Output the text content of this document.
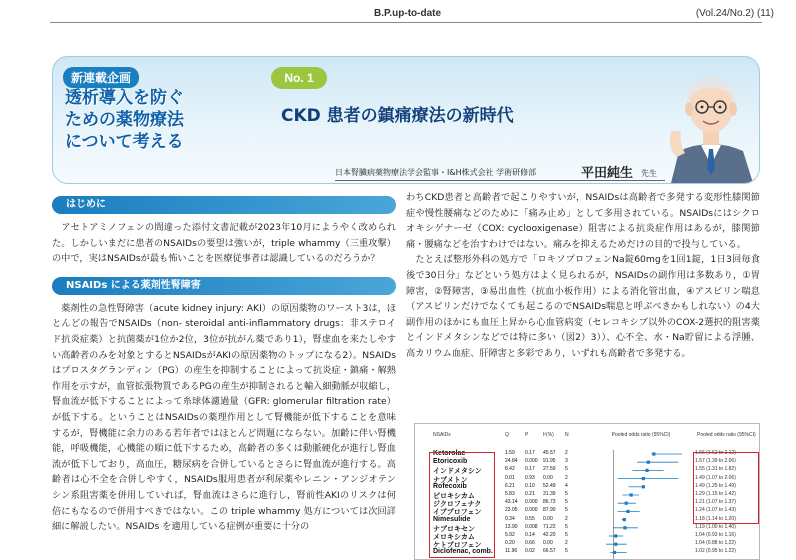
B.P.up-to-date	(Vol.24/No.2) (11)
新連載企画
透析導入を防ぐ
ための薬物療法
について考える
No. 1
CKD 患者の鎮痛療法の新時代
日本腎臓病薬物療法学会監事・I&H株式会社 学術研修部	平田純生 先生
はじめに

　アセトアミノフェンの間違った添付文書記載が2023年10月にようやく改められた。しかしいまだに患者のNSAIDsの要望は強いが，triple whammy（三重攻撃）の中で，実はNSAIDsが最も怖いことを医療従事者は認識しているのだろうか？

NSAIDs による薬剤性腎障害

　薬剤性の急性腎障害（acute kidney injury: AKI）の原因薬物のワースト3は，ほとんどの報告でNSAIDs（non- steroidal anti-inflammatory drugs：非ステロイド抗炎症薬）と抗菌薬が1位か2位，3位が抗がん薬であり1），腎虚血を来たしやすい高齢者のみを対象とするとNSAIDsがAKIの原因薬物のトップになる2）。NSAIDsはプロスタグランディン（PG）の産生を抑制することによって抗炎症・鎮痛・解熱作用を示すが，血管拡張物質であるPGの産生が抑制されると輸入細動脈が収縮し，腎血流が低下することによって糸球体濾過量（GFR: glomerular filtration rate）が低下する。ということはNSAIDsの薬理作用として腎機能が低下することを意味するが，腎機能に余力のある若年者ではほとんど問題にならない。加齢に伴い腎機能，呼吸機能，心機能の順に低下するため，高齢者の多くは動脈硬化が進行し腎血流が低下しており，高血圧，糖尿病を合併しているとさらに腎血流が進行する。高齢者は心不全を合併しやすく，NSAIDs服用患者が利尿薬やレニン・アンジオテンシン系阻害薬を併用していれば，腎血流はさらに進行し，腎前性AKIのリスクは何倍にもなるので併用すべきではない。この triple whammy 処方については次回詳細に解説したい。NSAIDs を適用している症例が重要に十分の

わちCKD患者と高齢者で起こりやすいが，NSAIDsは高齢者で多発する変形性膝関節症や慢性腰痛などのために「痛み止め」として多用されている。NSAIDsにはシクロオキシゲナーゼ（COX: cyclooxigenase）阻害による抗炎症作用はあるが，膝関節痛・腰痛などを治すわけではない。痛みを抑えるためだけの目的で投与している。

　たとえば整形外科の処方で「ロキソプロフェンNa錠60mgを1回1錠，1日3回毎食後で30日分」などという処方はよく見られるが，NSAIDsの副作用は多数あり，①胃障害，②腎障害，③易出血性（抗血小板作用）による消化管出血，④アスピリン喘息（アスピリンだけでなくても起こるのでNSAIDs喘息と呼ぶべきかもしれない）の4大副作用のほかにも血圧上昇から心血管病変（セレコキシブ以外のCOX-2選択的阻害薬とインドメタシンなどでは特に多い（図2）3））、心不全、水・Na貯留による浮腫、高カリウム血症、肝障害と多彩であり，いずれも高齢者で多発する。

NSAIDs	Q	P	I²(%) N	Pooled odds ratio (95%CI)	Pooled odds ratio (95%CI)
Ketorolac	1.59 0.17 45.57 2	1.66 (1.62 to 2.12)
Etoricoxib	24.84 0.000 91.95 3	1.57 (1.39 to 2.06)
インドメタシン	8.42 0.17 27.59 5	1.55 (1.31 to 1.82)
ナプメトン	0.01 0.93 0.00 2	1.49 (1.07 to 2.06)
Rofecoxib	6.21 0.10 52.49 4	1.49 (1.25 to 1.49)
ピロキシカム	5.83 0.21 31.39 5	1.29 (1.15 to 1.42)
ジクロフェナク	43.14 0.000 86.73 5	1.21 (1.07 to 1.37)
イブプロフェン	23.05 0.000 87.90 5	1.24 (1.07 to 1.43)
Nimesulide	0.34 0.55 0.00 2	1.18 (1.14 to 1.20)
ナプロキセン	13.90 0.008 71.22 5	1.19 (1.00 to 1.40)
メロキシカム	5.92 0.14 42.20 5	1.04 (0.93 to 1.16)
ケトプロフェン	0.20 0.66 0.00 2	1.04 (0.88 to 1.22)
Diclofenac, comb. 11.96 0.02 66.57 5	1.02 (0.95 to 1.22)
